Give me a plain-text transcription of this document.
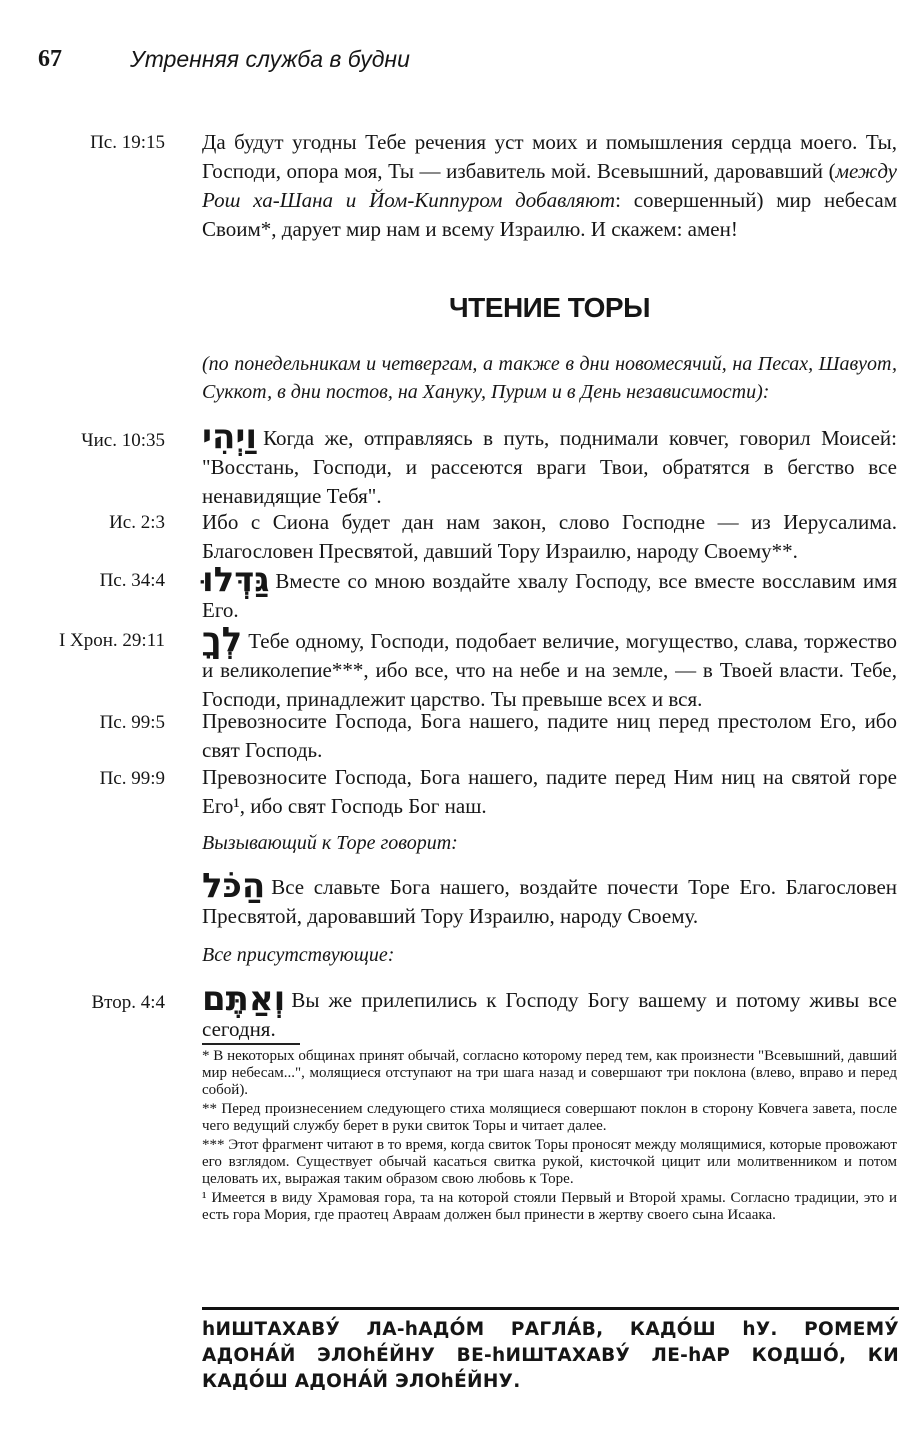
67	Утренняя служба в будни
Пс. 19:15 Да будут угодны Тебе речения уст моих и помышления сердца моего. Ты, Господи, опора моя, Ты — избавитель мой. Всевышний, даровавший (между Рош ха-Шана и Йом-Киппуром добавляют: совершенный) мир небесам Своим*, дарует мир нам и всему Израилю. И скажем: амен!

ЧТЕНИЕ ТОРЫ
(по понедельникам и четвергам, а также в дни новомесячий, на Песах, Шавуот, Суккот, в дни постов, на Хануку, Пурим и в День независимости):
Чис. 10:35 וַיְהִי Когда же, отправляясь в путь, поднимали ковчег, говорил Моисей: "Восстань, Господи, и рассеются враги Твои, обратятся в бегство все ненавидящие Тебя".

Ис. 2:3 Ибо с Сиона будет дан нам закон, слово Господне — из Иерусалима. Благословен Пресвятой, давший Тору Израилю, народу Своему**.

Пс. 34:4 גַּדְּלוּ Вместе со мною воздайте хвалу Господу, все вместе восславим имя Его.

I Хрон. 29:11 לְךָ Тебе одному, Господи, подобает величие, могущество, слава, торжество и великолепие***, ибо все, что на небе и на земле, — в Твоей власти. Тебе, Господи, принадлежит царство. Ты превыше всех и вся.

Пс. 99:5 Превозносите Господа, Бога нашего, падите ниц перед престолом Его, ибо свят Господь.

Пс. 99:9 Превозносите Господа, Бога нашего, падите перед Ним ниц на святой горе Его¹, ибо свят Господь Бог наш.

Вызывающий к Торе говорит:

הַכֹּל Все славьте Бога нашего, воздайте почести Торе Его. Благословен Пресвятой, даровавший Тору Израилю, народу Своему.

Все присутствующие:
Втор. 4:4 וְאַתֶּם Вы же прилепились к Господу Богу вашему и потому живы все сегодня.

* В некоторых общинах принят обычай, согласно которому перед тем, как произнести "Всевышний, давший мир небесам...", молящиеся отступают на три шага назад и совершают три поклона (влево, вправо и перед собой).

** Перед произнесением следующего стиха молящиеся совершают поклон в сторону Ковчега завета, после чего ведущий службу берет в руки свиток Торы и читает далее.

*** Этот фрагмент читают в то время, когда свиток Торы проносят между молящимися, которые провожают его взглядом. Существует обычай касаться свитка рукой, кисточкой цицит или молитвенником и потом целовать их, выражая таким образом свою любовь к Торе.

¹ Имеется в виду Храмовая гора, та на которой стояли Первый и Второй храмы. Согласно традиции, это и есть гора Мория, где праотец Авраам должен был принести в жертву своего сына Исаака.

hИШТАХАВУ́ ЛА-hАДО́М РАГЛА́В, КАДО́Ш hУ. РОМЕМУ́ АДОНА́Й ЭЛОhЕ́ЙНУ ВЕ-hИШТАХАВУ́ ЛЕ-hАР КОДШО́, КИ КАДО́Ш АДОНА́Й ЭЛОhЕ́ЙНУ.
